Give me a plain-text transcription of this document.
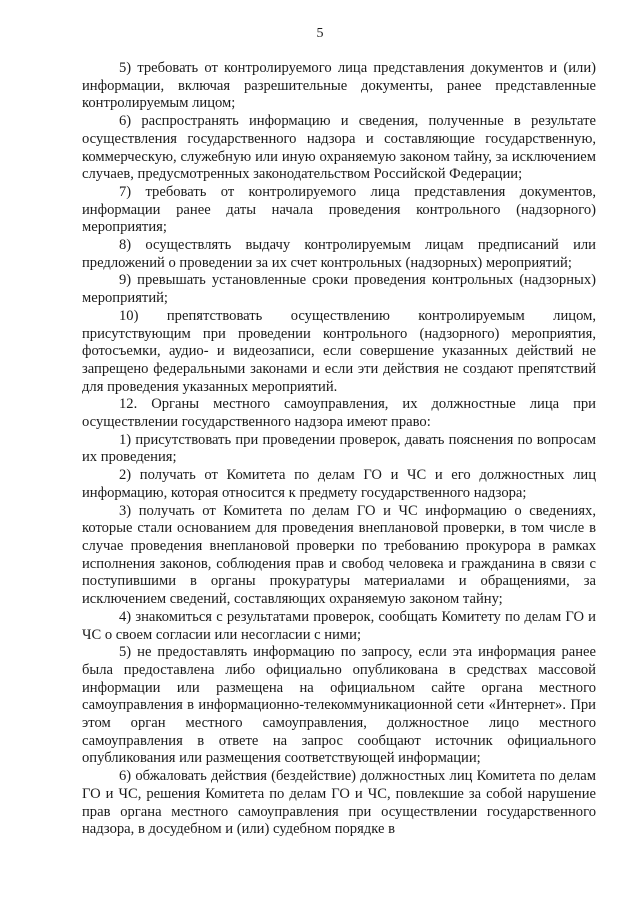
5

5) требовать от контролируемого лица представления документов и (или) информации, включая разрешительные документы, ранее представленные контролируемым лицом;

6) распространять информацию и сведения, полученные в результате осуществления государственного надзора и составляющие государственную, коммерческую, служебную или иную охраняемую законом тайну, за исключением случаев, предусмотренных законодательством Российской Федерации;

7) требовать от контролируемого лица представления документов, информации ранее даты начала проведения контрольного (надзорного) мероприятия;

8) осуществлять выдачу контролируемым лицам предписаний или предложений о проведении за их счет контрольных (надзорных) мероприятий;

9) превышать установленные сроки проведения контрольных (надзорных) мероприятий;

10) препятствовать осуществлению контролируемым лицом, присутствующим при проведении контрольного (надзорного) мероприятия, фотосъемки, аудио- и видеозаписи, если совершение указанных действий не запрещено федеральными законами и если эти действия не создают препятствий для проведения указанных мероприятий.

12. Органы местного самоуправления, их должностные лица при осуществлении государственного надзора имеют право:

1) присутствовать при проведении проверок, давать пояснения по вопросам их проведения;

2) получать от Комитета по делам ГО и ЧС и его должностных лиц информацию, которая относится к предмету государственного надзора;

3) получать от Комитета по делам ГО и ЧС информацию о сведениях, которые стали основанием для проведения внеплановой проверки, в том числе в случае проведения внеплановой проверки по требованию прокурора в рамках исполнения законов, соблюдения прав и свобод человека и гражданина в связи с поступившими в органы прокуратуры материалами и обращениями, за исключением сведений, составляющих охраняемую законом тайну;

4) знакомиться с результатами проверок, сообщать Комитету по делам ГО и ЧС о своем согласии или несогласии с ними;

5) не предоставлять информацию по запросу, если эта информация ранее была предоставлена либо официально опубликована в средствах массовой информации или размещена на официальном сайте органа местного самоуправления в информационно-телекоммуникационной сети «Интернет». При этом орган местного самоуправления, должностное лицо местного самоуправления в ответе на запрос сообщают источник официального опубликования или размещения соответствующей информации;

6) обжаловать действия (бездействие) должностных лиц Комитета по делам ГО и ЧС, решения Комитета по делам ГО и ЧС, повлекшие за собой нарушение прав органа местного самоуправления при осуществлении государственного надзора, в досудебном и (или) судебном порядке в
